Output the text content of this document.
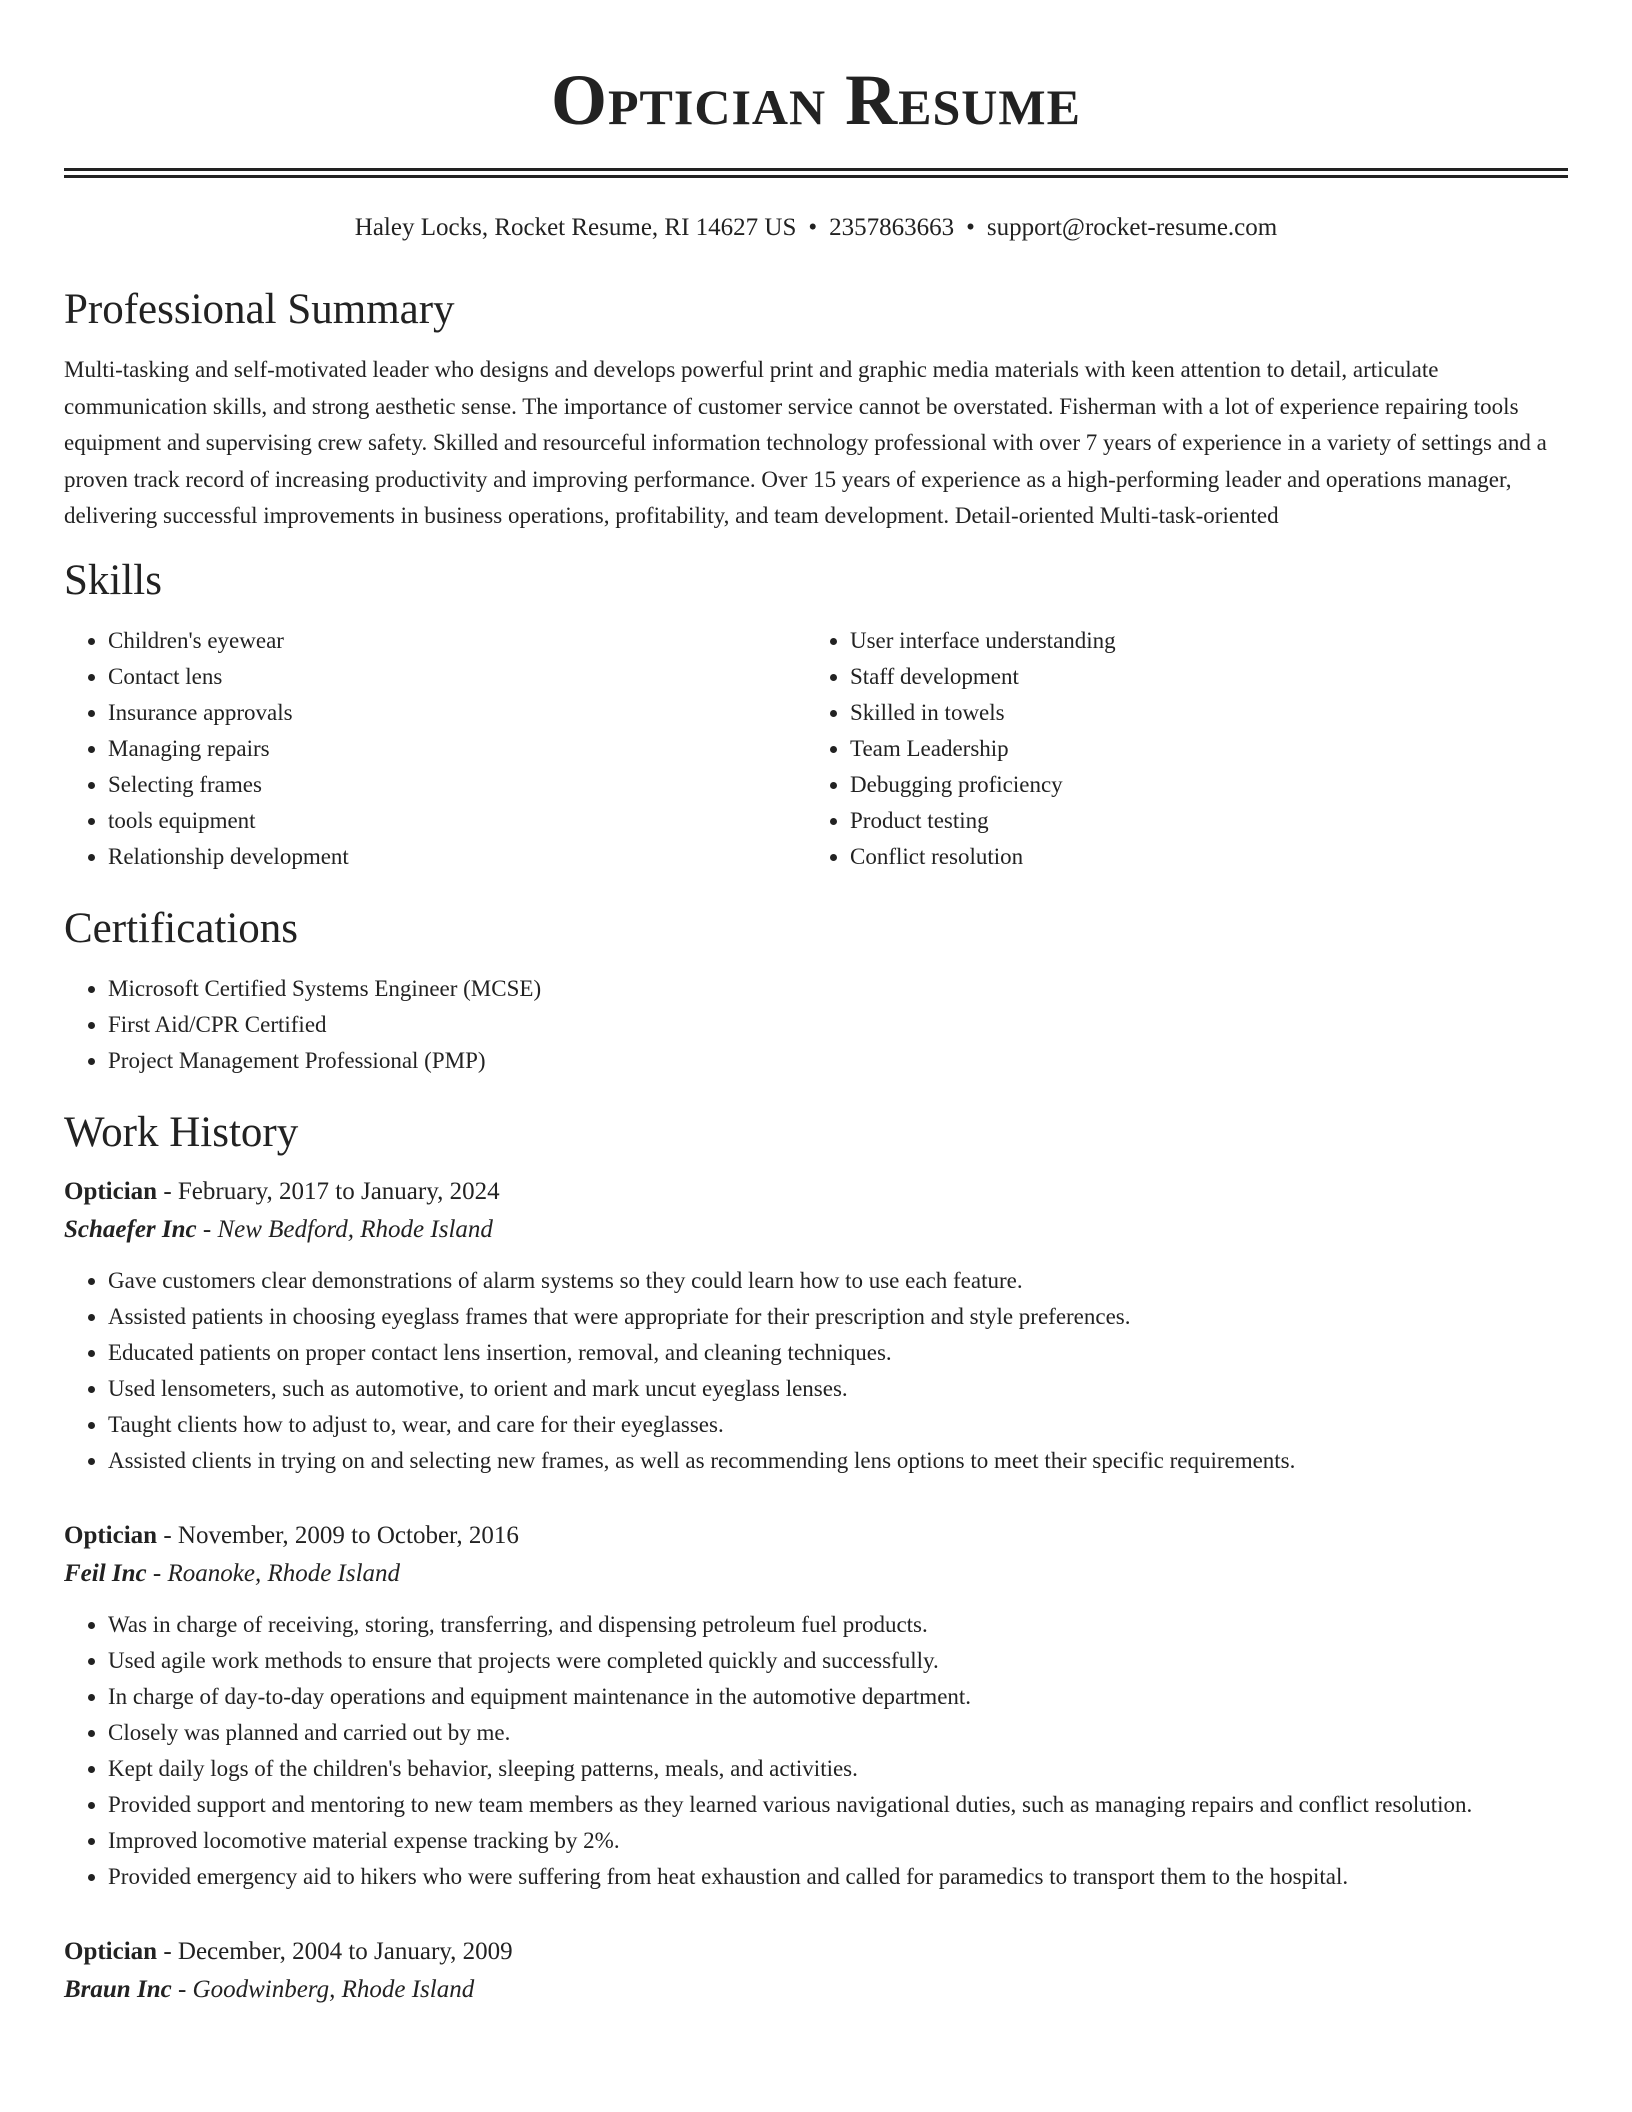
Optician Resume
Haley Locks, Rocket Resume, RI 14627 US • 2357863663 • support@rocket-resume.com
Professional Summary

Multi-tasking and self-motivated leader who designs and develops powerful print and graphic media materials with keen attention to detail, articulate communication skills, and strong aesthetic sense. The importance of customer service cannot be overstated. Fisherman with a lot of experience repairing tools equipment and supervising crew safety. Skilled and resourceful information technology professional with over 7 years of experience in a variety of settings and a proven track record of increasing productivity and improving performance. Over 15 years of experience as a high-performing leader and operations manager, delivering successful improvements in business operations, profitability, and team development. Detail-oriented Multi-task-oriented

Skills
• Children's eyewear
• Contact lens
• Insurance approvals
• Managing repairs
• Selecting frames
• tools equipment
• Relationship development
• User interface understanding
• Staff development
• Skilled in towels
• Team Leadership
• Debugging proficiency
• Product testing
• Conflict resolution
Certifications
• Microsoft Certified Systems Engineer (MCSE)
• First Aid/CPR Certified
• Project Management Professional (PMP)
Work History
Optician - February, 2017 to January, 2024
Schaefer Inc - New Bedford, Rhode Island
• Gave customers clear demonstrations of alarm systems so they could learn how to use each feature.
• Assisted patients in choosing eyeglass frames that were appropriate for their prescription and style preferences.
• Educated patients on proper contact lens insertion, removal, and cleaning techniques.
• Used lensometers, such as automotive, to orient and mark uncut eyeglass lenses.
• Taught clients how to adjust to, wear, and care for their eyeglasses.
• Assisted clients in trying on and selecting new frames, as well as recommending lens options to meet their specific requirements.
Optician - November, 2009 to October, 2016
Feil Inc - Roanoke, Rhode Island
• Was in charge of receiving, storing, transferring, and dispensing petroleum fuel products.
• Used agile work methods to ensure that projects were completed quickly and successfully.
• In charge of day-to-day operations and equipment maintenance in the automotive department.
• Closely was planned and carried out by me.
• Kept daily logs of the children's behavior, sleeping patterns, meals, and activities.
• Provided support and mentoring to new team members as they learned various navigational duties, such as managing repairs and conflict resolution.
• Improved locomotive material expense tracking by 2%.
• Provided emergency aid to hikers who were suffering from heat exhaustion and called for paramedics to transport them to the hospital.
Optician - December, 2004 to January, 2009
Braun Inc - Goodwinberg, Rhode Island
